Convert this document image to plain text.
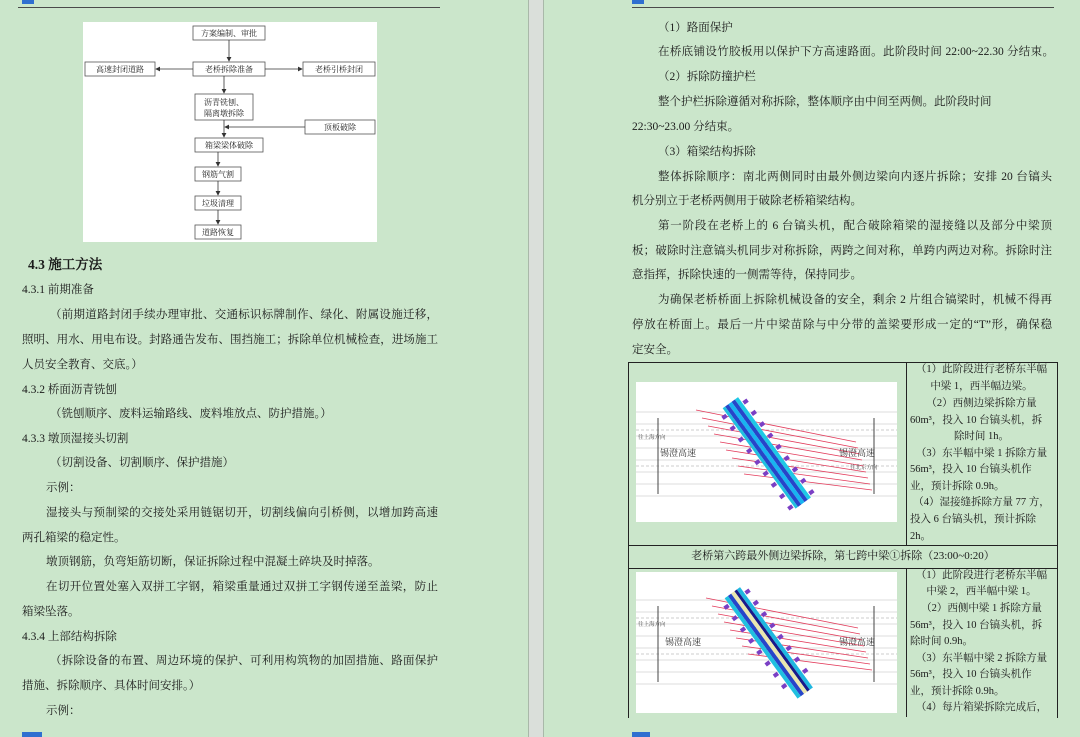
方案编制、审批
高速封闭道路	老桥拆除准备	老桥引桥封闭
沥青铣刨、
隔离墩拆除
顶板破除
箱梁梁体破除
钢筋气割
垃圾清理
道路恢复
4.3 施工方法
4.3.1 前期准备
（前期道路封闭手续办理审批、交通标识标牌制作、绿化、附属设施迁移，
照明、用水、用电布设。封路通告发布、围挡施工；拆除单位机械检查，进场施工
人员安全教育、交底。）
4.3.2 桥面沥青铣刨
（铣刨顺序、废料运输路线、废料堆放点、防护措施。）
4.3.3 墩顶湿接头切割
（切割设备、切割顺序、保护措施）
示例：
湿接头与预制梁的交接处采用链锯切开，切割线偏向引桥侧，以增加跨高速
两孔箱梁的稳定性。
墩顶钢筋，负弯矩筋切断，保证拆除过程中混凝土碎块及时掉落。
在切开位置处塞入双拼工字钢，箱梁重量通过双拼工字钢传递至盖梁，防止
箱梁坠落。
4.3.4 上部结构拆除
（拆除设备的布置、周边环境的保护、可利用构筑物的加固措施、路面保护
措施、拆除顺序、具体时间安排。）
示例：
（1）路面保护
在桥底铺设竹胶板用以保护下方高速路面。此阶段时间 22:00~22.30 分结束。
（2）拆除防撞护栏
整个护栏拆除遵循对称拆除，整体顺序由中间至两侧。此阶段时间
22:30~23.00 分结束。
（3）箱梁结构拆除
整体拆除顺序：南北两侧同时由最外侧边梁向内逐片拆除；安排 20 台镐头
机分别立于老桥两侧用于破除老桥箱梁结构。
第一阶段在老桥上的 6 台镐头机，配合破除箱梁的湿接缝以及部分中梁顶
板；破除时注意镐头机同步对称拆除，两跨之间对称，单跨内两边对称。拆除时注
意指挥，拆除快速的一侧需等待，保持同步。
为确保老桥桥面上拆除机械设备的安全，剩余 2 片组合镐梁时，机械不得再
停放在桥面上。最后一片中梁苗除与中分带的盖梁要形成一定的“T”形，确保稳
定安全。
锡澄高速	锡澄高速
往上海方向
往北京方向
（1）此阶段进行老桥东半幅
中梁 1，西半幅边梁。
（2）西侧边梁拆除方量
60m³，投入 10 台镐头机，拆
除时间 1h。
（3）东半幅中梁 1 拆除方量
56m³，投入 10 台镐头机作
业，预计拆除 0.9h。
（4）湿接缝拆除方量 77 方，
投入 6 台镐头机，预计拆除
2h。
老桥第六跨最外侧边梁拆除，第七跨中梁①拆除（23:00~0:20）
锡澄高速	锡澄高速
往上海方向
（1）此阶段进行老桥东半幅
中梁 2，西半幅中梁 1。
（2）西侧中梁 1 拆除方量
56m³，投入 10 台镐头机，拆
除时间 0.9h。
（3）东半幅中梁 2 拆除方量
56m³，投入 10 台镐头机作
业，预计拆除 0.9h。
（4）每片箱梁拆除完成后，
